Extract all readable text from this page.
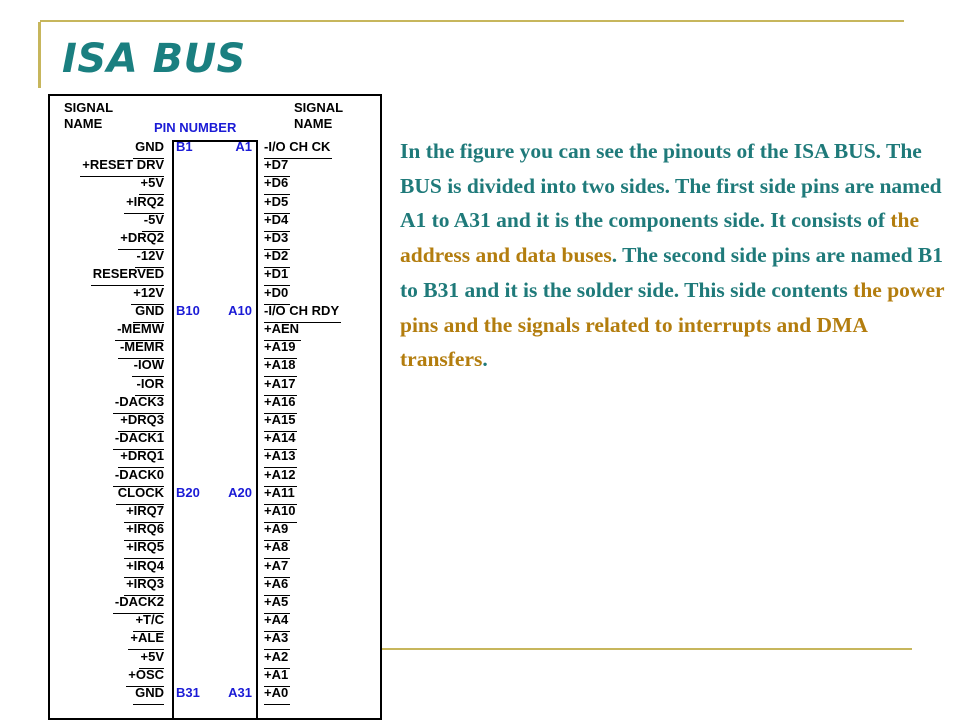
ISA BUS
SIGNAL
NAME
SIGNAL
NAME
PIN NUMBER
GND
+RESET DRV
+5V
+IRQ2
-5V
+DRQ2
-12V
RESERVED
+12V
GND
-MEMW
-MEMR
-IOW
-IOR
-DACK3
+DRQ3
-DACK1
+DRQ1
-DACK0
CLOCK
+IRQ7
+IRQ6
+IRQ5
+IRQ4
+IRQ3
-DACK2
+T/C
+ALE
+5V
+OSC
GND
-I/O CH CK
+D7
+D6
+D5
+D4
+D3
+D2
+D1
+D0
-I/O CH RDY
+AEN
+A19
+A18
+A17
+A16
+A15
+A14
+A13
+A12
+A11
+A10
+A9
+A8
+A7
+A6
+A5
+A4
+A3
+A2
+A1
+A0
B1	A1
B10 A10
B20 A20
B31 A31

In the figure you can see the pinouts of the ISA BUS. The BUS is divided into two sides. The first side pins are named A1 to A31 and it is the components side. It consists of the address and data buses. The second side pins are named B1 to B31 and it is the solder side. This side contents the power pins and the signals related to interrupts and DMA transfers.
